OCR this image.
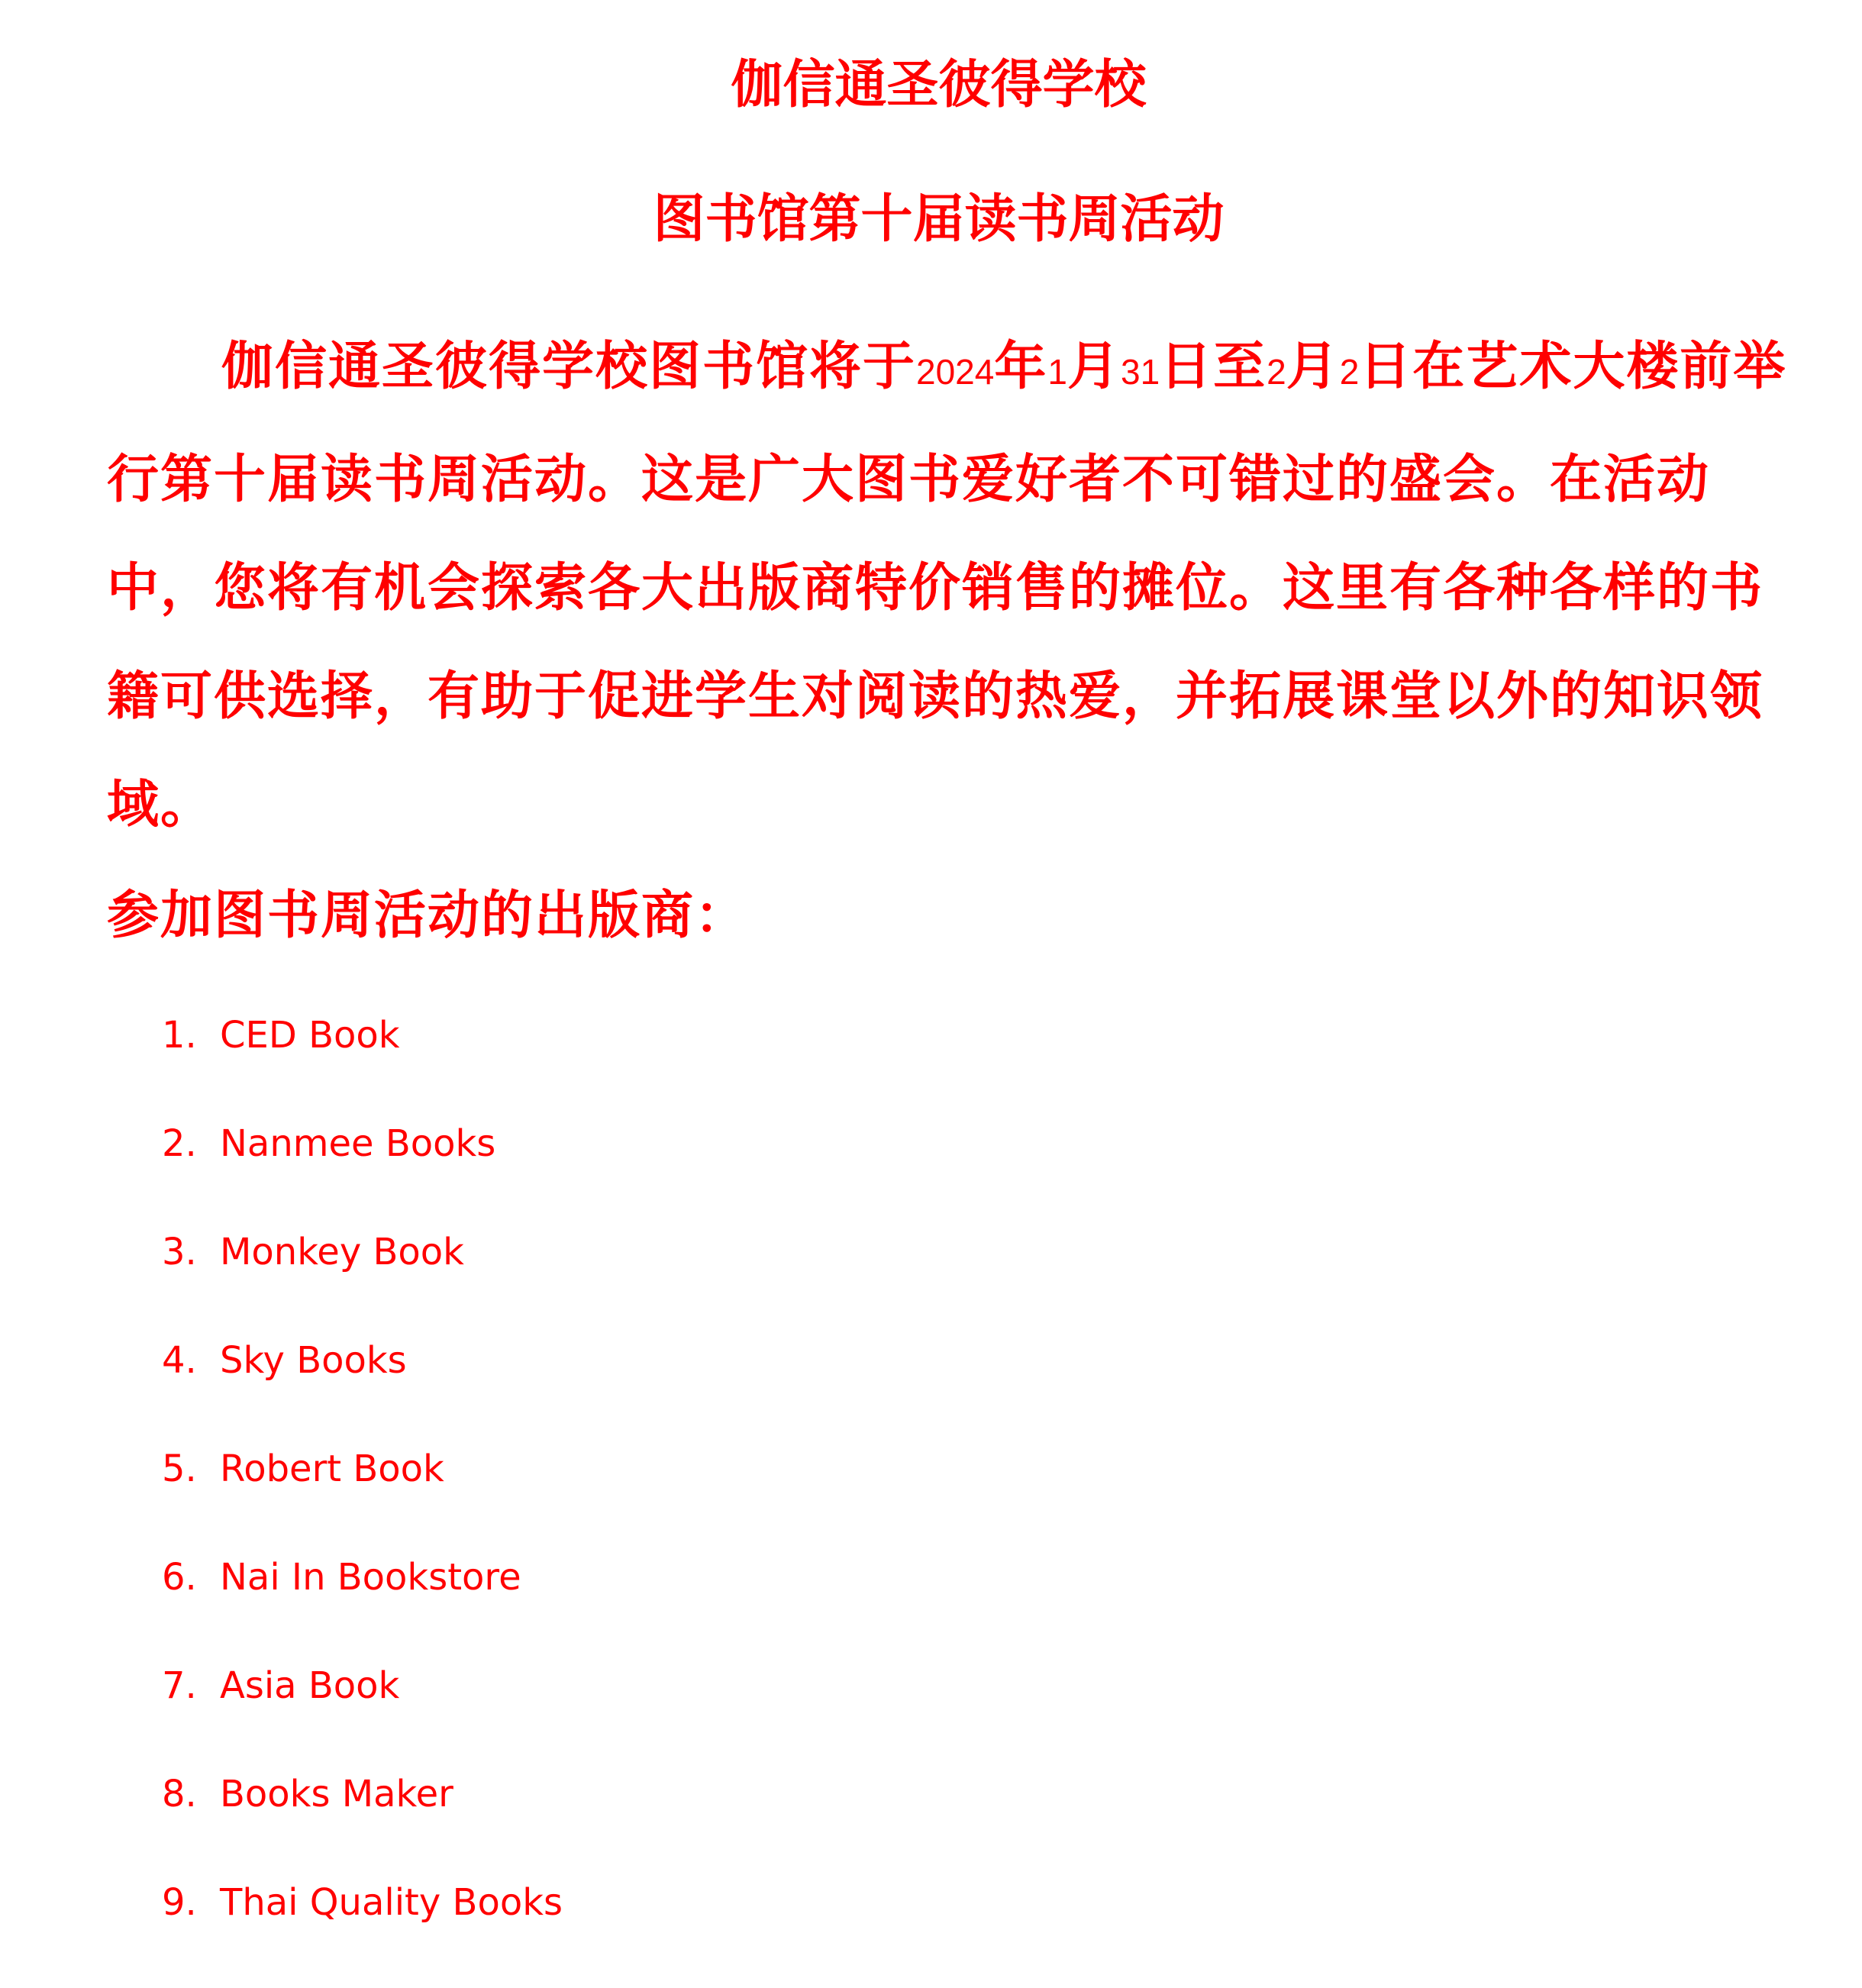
伽信通圣彼得学校
图书馆第十届读书周活动

伽信通圣彼得学校图书馆将于2024年1月31日至2月2日在艺术大楼前举行第十届读书周活动。这是广大图书爱好者不可错过的盛会。在活动中，您将有机会探索各大出版商特价销售的摊位。这里有各种各样的书籍可供选择，有助于促进学生对阅读的热爱，并拓展课堂以外的知识领域。

参加图书周活动的出版商：
1. CED Book
2. Nanmee Books
3. Monkey Book
4. Sky Books
5. Robert Book
6. Nai In Bookstore
7. Asia Book
8. Books Maker
9. Thai Quality Books
